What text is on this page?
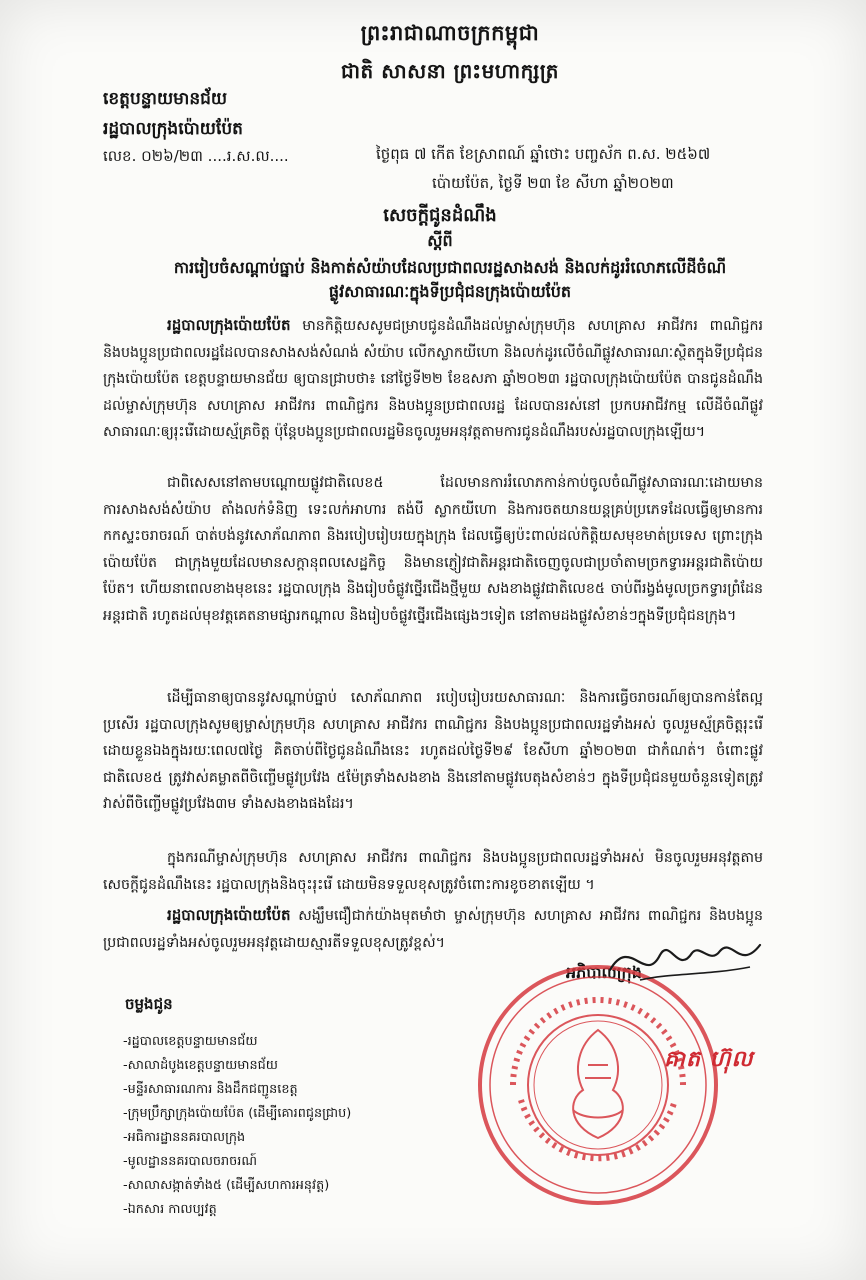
ព្រះរាជាណាចក្រកម្ពុជា
ជាតិ សាសនា ព្រះមហាក្សត្រ
ខេត្តបន្ទាយមានជ័យ
រដ្ឋបាលក្រុងប៉ោយប៉ែត
លេខ. ០២៦/២៣ ....រ.ស.ល....	ថ្ងៃពុធ ៧ កើត ខែស្រាពណ៍ ឆ្នាំថោះ បញ្ចស័ក ព.ស. ២៥៦៧
ប៉ោយប៉ែត, ថ្ងៃទី ២៣ ខែ សីហា ឆ្នាំ២០២៣
សេចក្តីជូនដំណឹង
ស្តីពី
ការរៀបចំសណ្តាប់ធ្នាប់ និងកាត់សំយ៉ាបដែលប្រជាពលរដ្ឋសាងសង់ និងលក់ដូររំលោភលើដីចំណីផ្លូវសាធារណៈក្នុងទីប្រជុំជនក្រុងប៉ោយប៉ែត
រដ្ឋបាលក្រុងប៉ោយប៉ែត មានកិត្តិយសសូមជម្រាបជូនដំណឹងដល់ម្ចាស់ក្រុមហ៊ុន សហគ្រាស អាជីវករ ពាណិជ្ជករ និងបងប្អូនប្រជាពលរដ្ឋដែលបានសាងសង់សំណង់ សំយ៉ាប លើកស្លាកយីហោ និងលក់ដូរលើចំណីផ្លូវសាធារណៈស្ថិតក្នុងទីប្រជុំជនក្រុងប៉ោយប៉ែត ខេត្តបន្ទាយមានជ័យ ឲ្យបានជ្រាបថា៖ នៅថ្ងៃទី២២ ខែឧសភា ឆ្នាំ២០២៣ រដ្ឋបាលក្រុងប៉ោយប៉ែត បានជូនដំណឹង ដល់ម្ចាស់ក្រុមហ៊ុន សហគ្រាស អាជីវករ ពាណិជ្ជករ និងបងប្អូនប្រជាពលរដ្ឋ ដែលបានរស់នៅ ប្រកបអាជីវកម្ម លើដីចំណីផ្លូវសាធារណៈឲ្យរុះរើដោយស្ម័គ្រចិត្ត ប៉ុន្តែបងប្អូនប្រជាពលរដ្ឋមិនចូលរួមអនុវត្តតាមការជូនដំណឹងរបស់រដ្ឋបាលក្រុងឡើយ។
ជាពិសេសនៅតាមបណ្តោយផ្លូវជាតិលេខ៥ ដែលមានការរំលោភកាន់កាប់ចូលចំណីផ្លូវសាធារណៈដោយមានការសាងសង់សំយ៉ាប តាំងលក់ទំនិញ ទេះលក់អាហារ តង់បី ស្លាកយីហោ និងការចតយានយន្តគ្រប់ប្រភេទដែលធ្វើឲ្យមានការកកស្ទះចរាចរណ៍ បាត់បង់នូវសោភ័ណភាព និងរបៀបរៀបរយក្នុងក្រុង ដែលធ្វើឲ្យប៉ះពាល់ដល់កិត្តិយសមុខមាត់ប្រទេស ព្រោះក្រុងប៉ោយប៉ែត ជាក្រុងមួយដែលមានសក្តានុពលសេដ្ឋកិច្ច និងមានភ្ញៀវជាតិអន្តរជាតិចេញចូលជាប្រចាំតាមច្រកទ្វារអន្តរជាតិប៉ោយប៉ែត។ ហើយនាពេលខាងមុខនេះ រដ្ឋបាលក្រុង និងរៀបចំផ្លូវថ្នើរជើងថ្មីមួយ សងខាងផ្លូវជាតិលេខ៥ ចាប់ពីរង្វង់មូលច្រកទ្វារព្រំដែនអន្តរជាតិ រហូតដល់មុខវត្តគេតនាមផ្សារកណ្តាល និងរៀបចំផ្លូវថ្នើរជើងផ្សេងៗទៀត នៅតាមដងផ្លូវសំខាន់ៗក្នុងទីប្រជុំជនក្រុង។
ដើម្បីធានាឲ្យបាននូវសណ្តាប់ធ្នាប់ សោភ័ណភាព របៀបរៀបរយសាធារណៈ និងការធ្វើចរាចរណ៍ឲ្យបានកាន់តែល្អប្រសើរ រដ្ឋបាលក្រុងសូមឲ្យម្ចាស់ក្រុមហ៊ុន សហគ្រាស អាជីវករ ពាណិជ្ជករ និងបងប្អូនប្រជាពលរដ្ឋទាំងអស់ ចូលរួមស្ម័គ្រចិត្តរុះរើដោយខ្លួនឯងក្នុងរយៈពេល៧ថ្ងៃ គិតចាប់ពីថ្ងៃជូនដំណឹងនេះ រហូតដល់ថ្ងៃទី២៩ ខែសីហា ឆ្នាំ២០២៣ ជាកំណត់។ ចំពោះផ្លូវជាតិលេខ៥ ត្រូវវាស់គម្លាតពីចិញ្ចើមផ្លូវប្រវែង ៥ម៉ែត្រទាំងសងខាង និងនៅតាមផ្លូវបេតុងសំខាន់ៗ ក្នុងទីប្រជុំជនមួយចំនួនទៀតត្រូវវាស់ពីចិញ្ចើមផ្លូវប្រវែង៣ម ទាំងសងខាងផងដែរ។
ក្នុងករណីម្ចាស់ក្រុមហ៊ុន សហគ្រាស អាជីវករ ពាណិជ្ជករ និងបងប្អូនប្រជាពលរដ្ឋទាំងអស់ មិនចូលរួមអនុវត្តតាមសេចក្តីជូនដំណឹងនេះ រដ្ឋបាលក្រុងនិងចុះរុះរើ ដោយមិនទទួលខុសត្រូវចំពោះការខូចខាតឡើយ ។
រដ្ឋបាលក្រុងប៉ោយប៉ែត សង្ឃឹមជឿជាក់យ៉ាងមុតមាំថា ម្ចាស់ក្រុមហ៊ុន សហគ្រាស អាជីវករ ពាណិជ្ជករ និងបងប្អូនប្រជាពលរដ្ឋទាំងអស់ចូលរួមអនុវត្តដោយស្មារតីទទួលខុសត្រូវខ្ពស់។
ចម្លងជូន
-រដ្ឋបាលខេត្តបន្ទាយមានជ័យ
-សាលាដំបូងខេត្តបន្ទាយមានជ័យ
-មន្ទីរសាធារណការ និងដឹកជញ្ជូនខេត្ត
-ក្រុមប្រឹក្សាក្រុងប៉ោយប៉ែត (ដើម្បីគោរពជូនជ្រាប)
-អធិការដ្ឋាននគរបាលក្រុង
-មូលដ្ឋាននគរបាលចរាចរណ៍
-សាលាសង្កាត់ទាំង៥ (ដើម្បីសហការអនុវត្ត)
-ឯកសារ កាលប្បវត្ត
អភិបាលក្រុង
គាត ហ៊ុល
